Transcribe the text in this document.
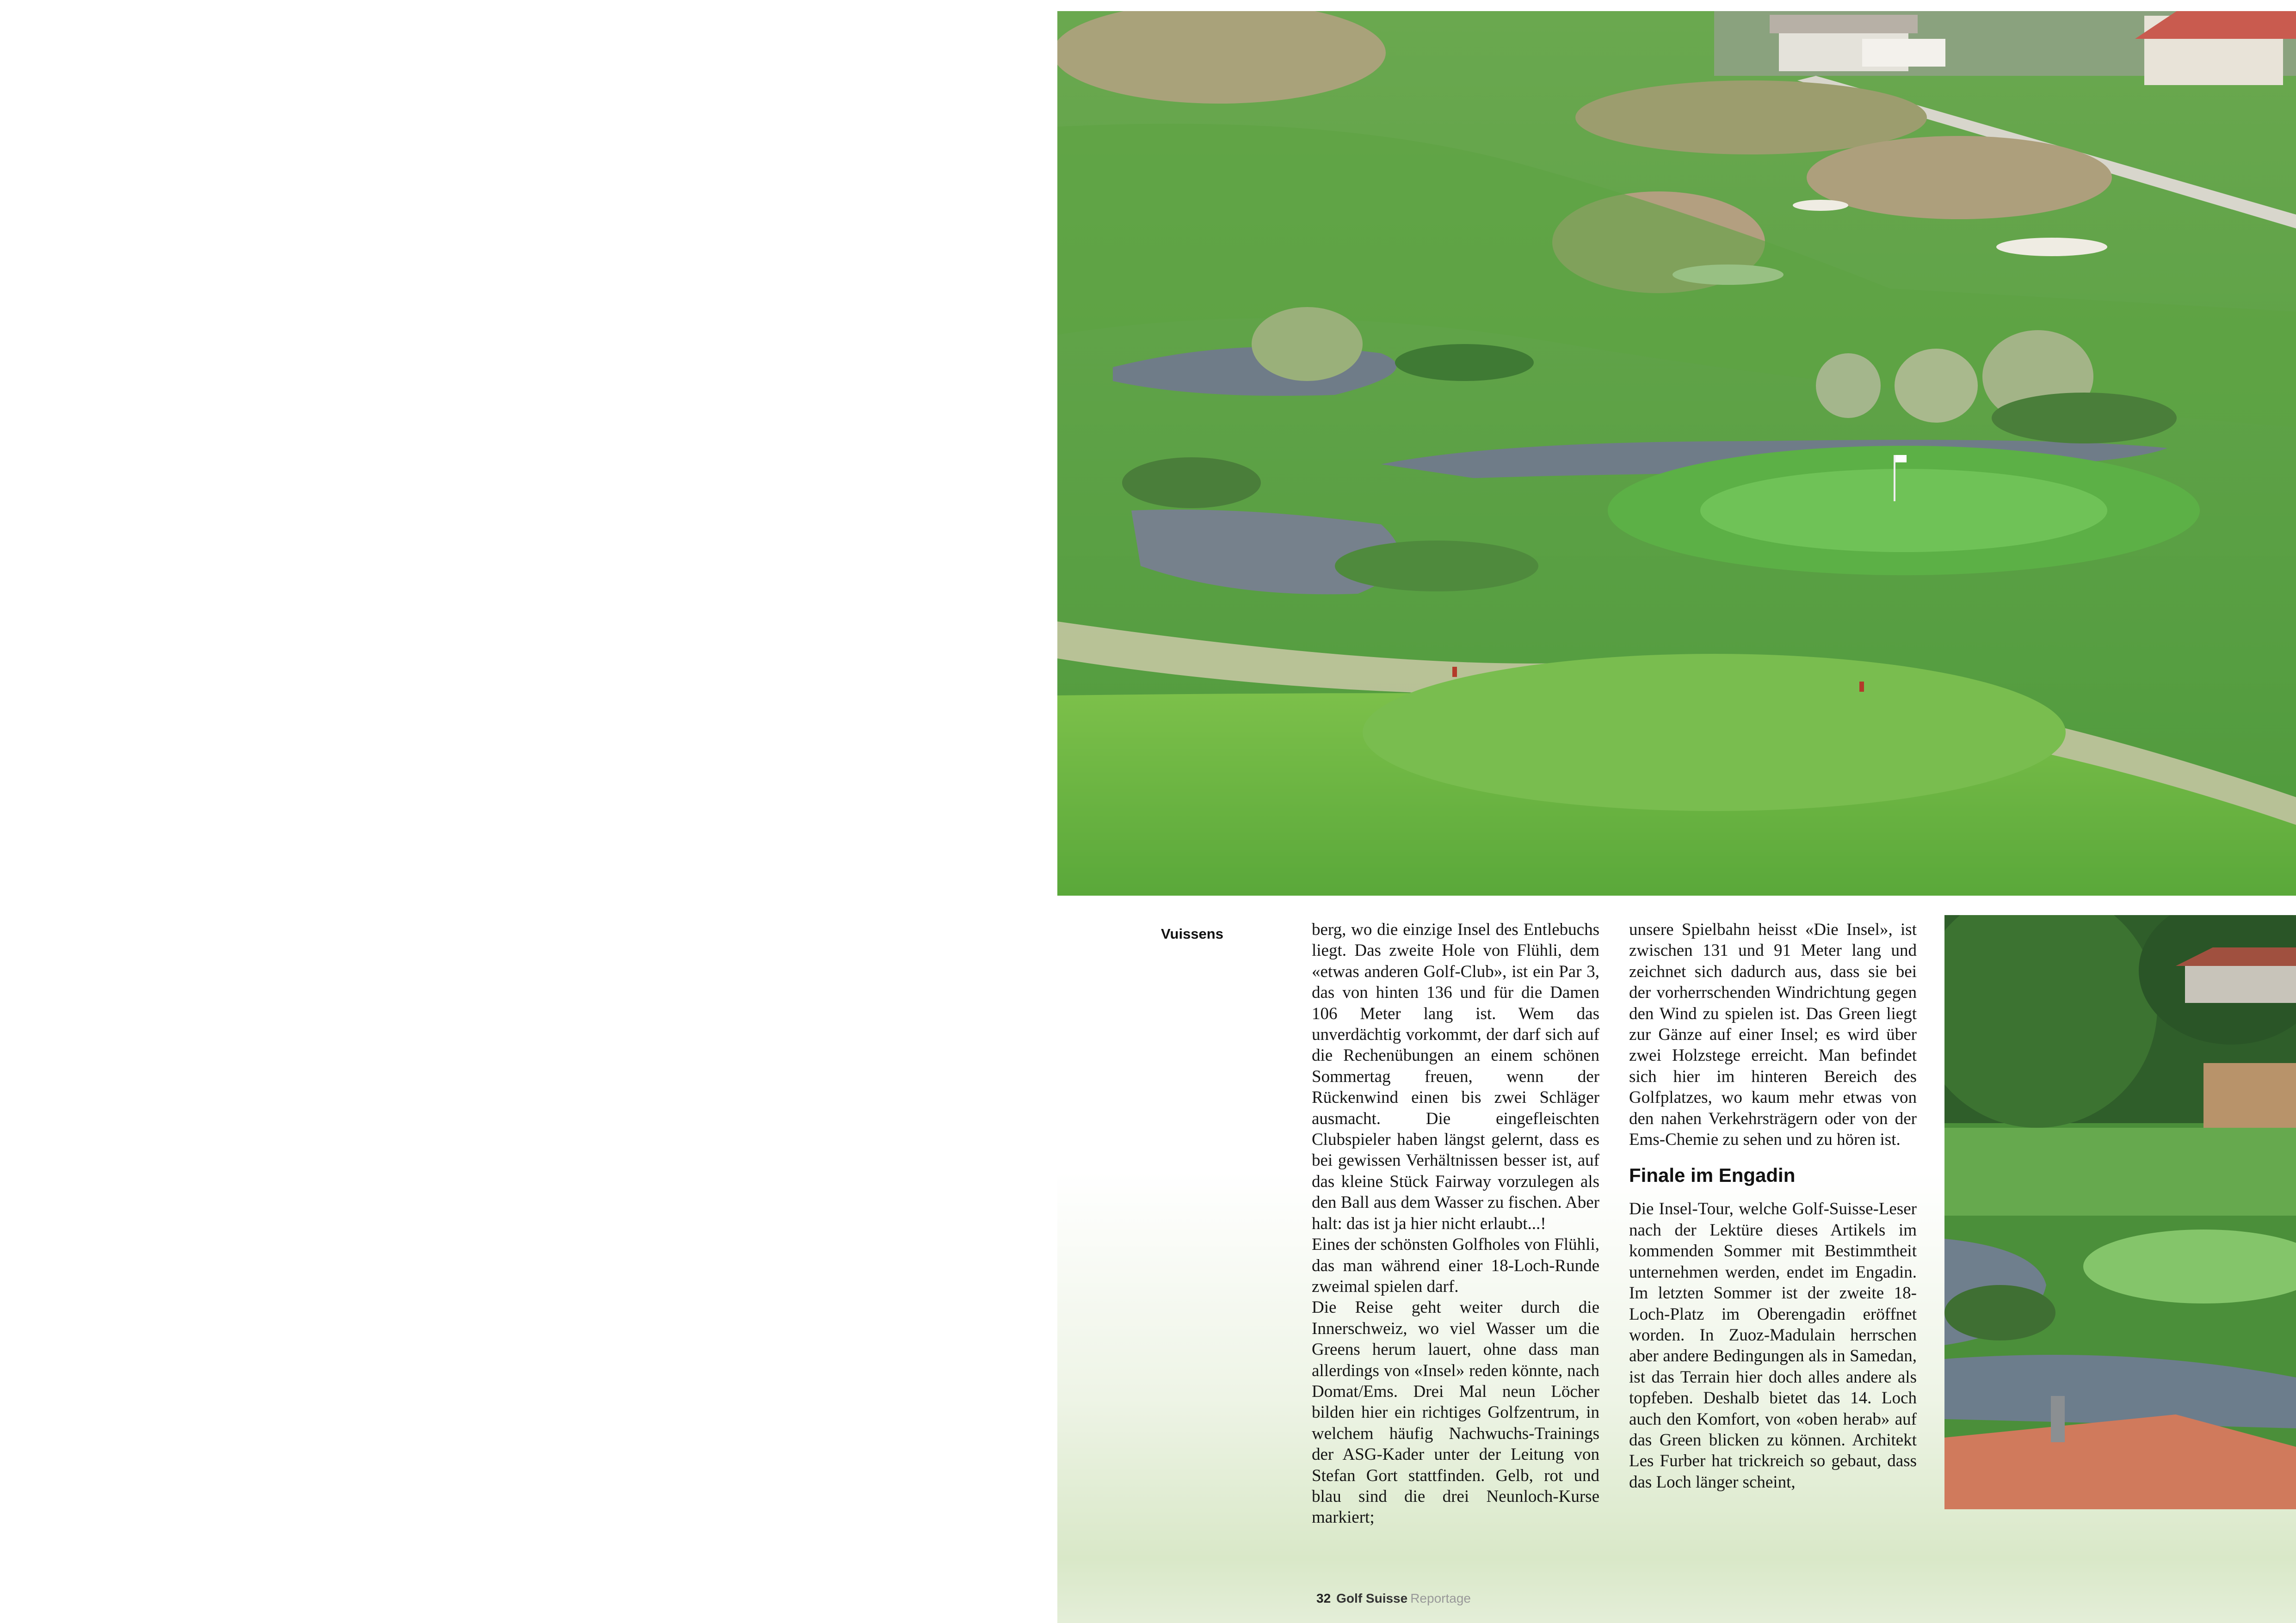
Vuissens	berg, wo die einzige Insel des Entlebuchs liegt. Das zweite Hole von Flühli, dem «etwas anderen Golf-Club», ist ein Par 3, das von hinten 136 und für die Damen 106 Meter lang ist. Wem das unverdächtig vorkommt, der darf sich auf die Rechenübungen an einem schönen Sommertag freuen, wenn der Rückenwind einen bis zwei Schläger ausmacht. Die eingefleischten Clubspieler haben längst gelernt, dass es bei gewissen Verhältnissen besser ist, auf das kleine Stück Fairway vorzulegen als den Ball aus dem Wasser zu fischen. Aber halt: das ist ja hier nicht erlaubt...!

Eines der schönsten Golfholes von Flühli, das man während einer 18-Loch-Runde zweimal spielen darf.

Die Reise geht weiter durch die Innerschweiz, wo viel Wasser um die Greens herum lauert, ohne dass man allerdings von «Insel» reden könnte, nach Domat/Ems. Drei Mal neun Löcher bilden hier ein richtiges Golfzentrum, in welchem häufig Nachwuchs-Trainings der ASG-Kader unter der Leitung von Stefan Gort stattfinden. Gelb, rot und blau sind die drei Neunloch-Kurse markiert;

unsere Spielbahn heisst «Die Insel», ist zwischen 131 und 91 Meter lang und zeichnet sich dadurch aus, dass sie bei der vorherrschenden Windrichtung gegen den Wind zu spielen ist. Das Green liegt zur Gänze auf einer Insel; es wird über zwei Holzstege erreicht. Man befindet sich hier im hinteren Bereich des Golfplatzes, wo kaum mehr etwas von den nahen Verkehrsträgern oder von der Ems-Chemie zu sehen und zu hören ist.

Finale im Engadin

Die Insel-Tour, welche Golf-Suisse-Leser nach der Lektüre dieses Artikels im kommenden Sommer mit Bestimmtheit unternehmen werden, endet im Engadin. Im letzten Sommer ist der zweite 18-Loch-Platz im Oberengadin eröffnet worden. In Zuoz-Madulain herrschen aber andere Bedingungen als in Samedan, ist das Terrain hier doch alles andere als topfeben. Deshalb bietet das 14. Loch auch den Komfort, von «oben herab» auf das Green blicken zu können. Architekt Les Furber hat trickreich so gebaut, dass das Loch länger scheint,

32 Golf Suisse Reportage
